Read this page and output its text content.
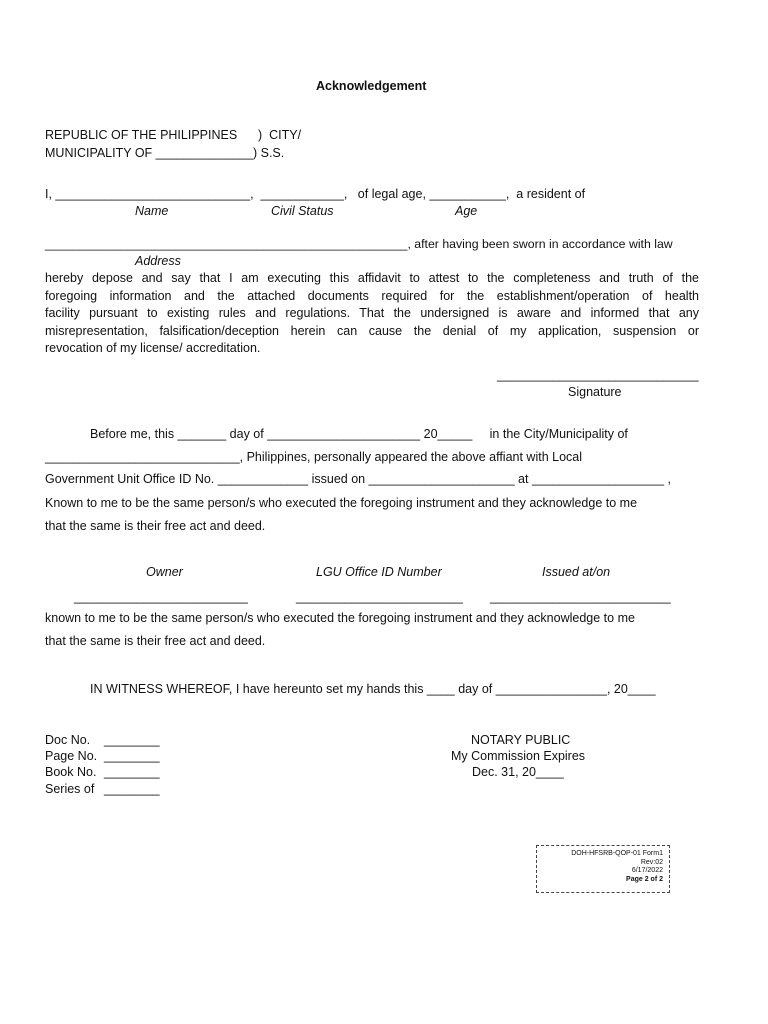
Acknowledgement
REPUBLIC OF THE PHILIPPINES      )  CITY/
MUNICIPALITY OF ______________) S.S.
I, ____________________________,  ____________,   of legal age, ___________,  a resident of
Name	Civil Status	Age
_____________________________________________________, after having been sworn in accordance with law
Address
hereby depose and say that I am executing this affidavit to attest to the completeness and truth of the
foregoing information and the attached documents required for the establishment/operation of health
facility pursuant to existing rules and regulations. That the undersigned is aware and informed that any
misrepresentation, falsification/deception herein can cause the denial of my application, suspension or
revocation of my license/ accreditation.
_____________________________
Signature
Before me, this _______ day of ______________________ 20_____     in the City/Municipality of
____________________________, Philippines, personally appeared the above affiant with Local
Government Unit Office ID No. _____________ issued on _____________________ at ___________________ ,
Known to me to be the same person/s who executed the foregoing instrument and they acknowledge to me
that the same is their free act and deed.
Owner	LGU Office ID Number	Issued at/on
_________________________	________________________ __________________________
known to me to be the same person/s who executed the foregoing instrument and they acknowledge to me
that the same is their free act and deed.
IN WITNESS WHEREOF, I have hereunto set my hands this ____ day of ________________, 20____
Doc No. ________
Page No. ________
Book No. ________
Series of ________
NOTARY PUBLIC
My Commission Expires
Dec. 31, 20____
DOH-HFSRB-QOP-01 Form1
Rev:02
6/17/2022
Page 2 of 2
